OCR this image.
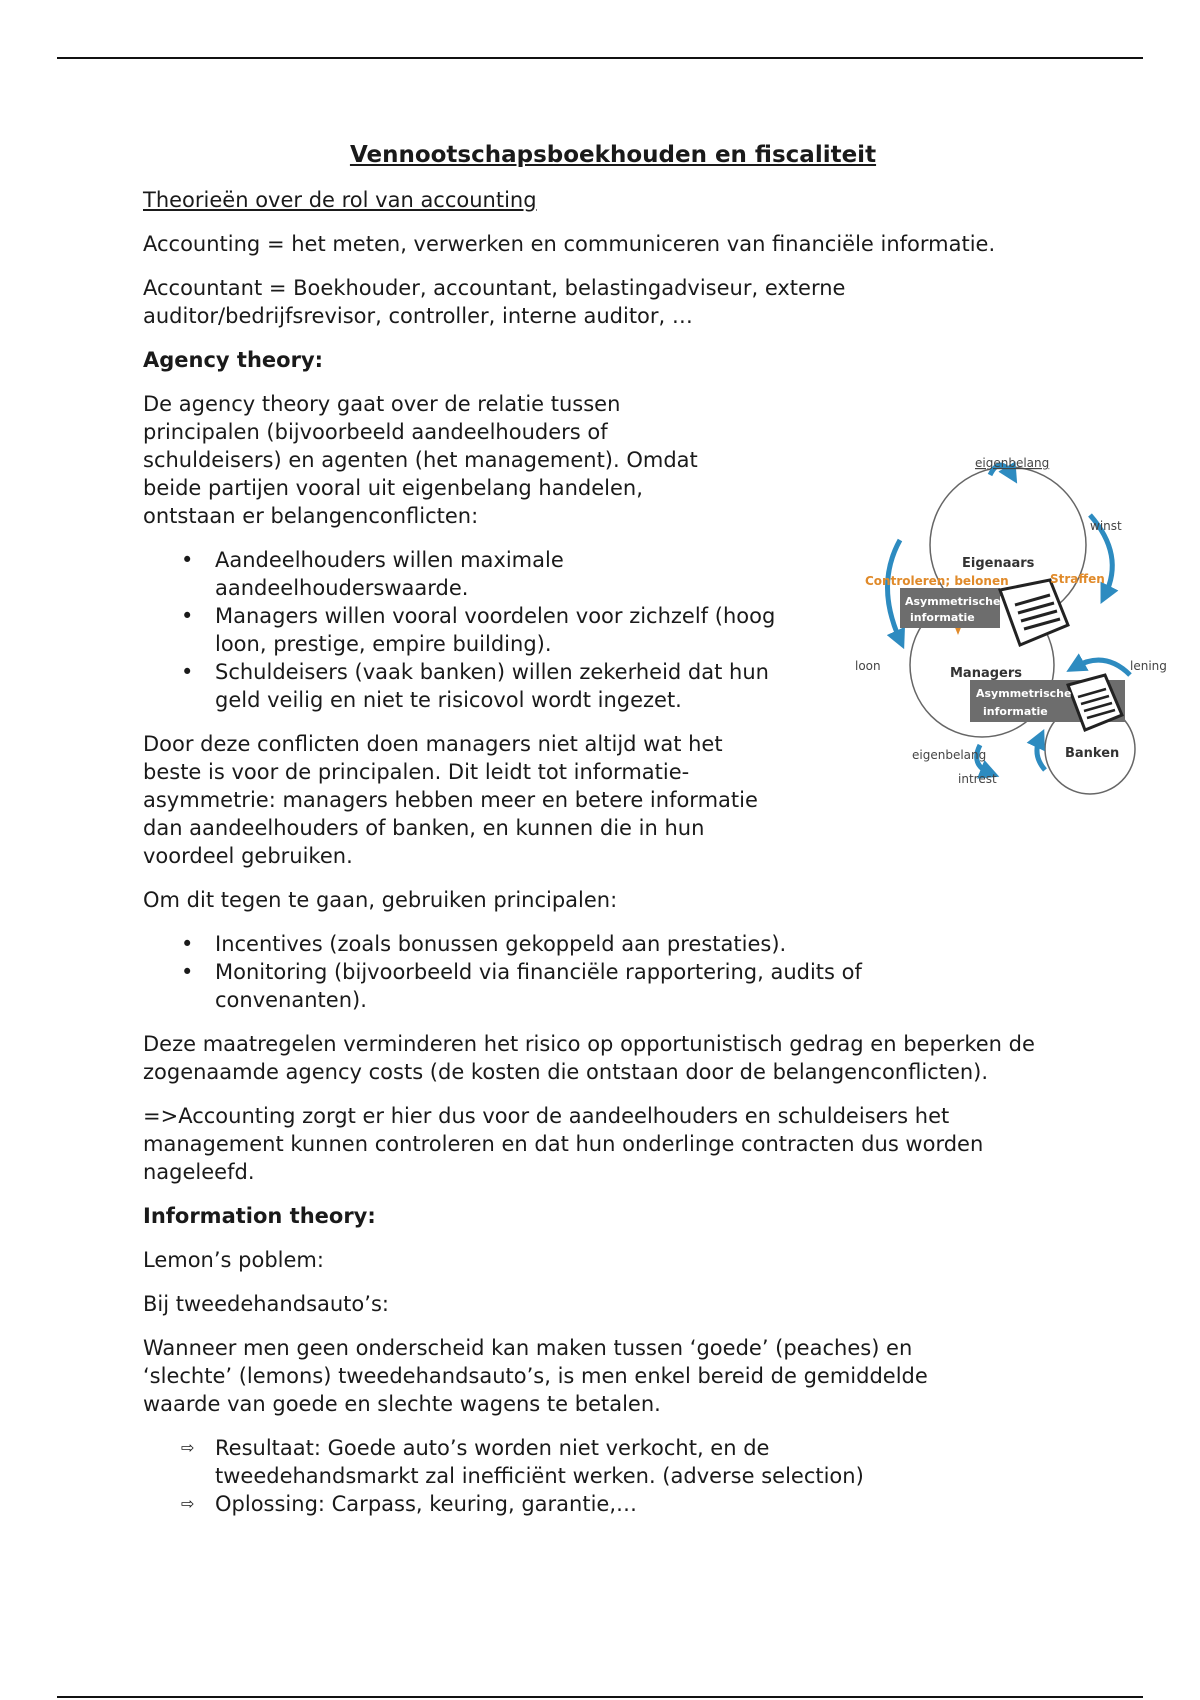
Vennootschapsboekhouden en fiscaliteit

Theorieën over de rol van accounting

Accounting = het meten, verwerken en communiceren van financiële informatie.

Accountant = Boekhouder, accountant, belastingadviseur, externe auditor/bedrijfsrevisor, controller, interne auditor, …

Agency theory:

De agency theory gaat over de relatie tussen principalen (bijvoorbeeld aandeelhouders of schuldeisers) en agenten (het management). Omdat beide partijen vooral uit eigenbelang handelen, ontstaan er belangenconflicten:

• Aandeelhouders willen maximale aandeelhouderswaarde.
• Managers willen vooral voordelen voor zichzelf (hoog loon, prestige, empire building).
• Schuldeisers (vaak banken) willen zekerheid dat hun geld veilig en niet te risicovol wordt ingezet.

Door deze conflicten doen managers niet altijd wat het beste is voor de principalen. Dit leidt tot informatie-asymmetrie: managers hebben meer en betere informatie dan aandeelhouders of banken, en kunnen die in hun voordeel gebruiken.

Om dit tegen te gaan, gebruiken principalen:

• Incentives (zoals bonussen gekoppeld aan prestaties).
• Monitoring (bijvoorbeeld via financiële rapportering, audits of convenanten).

Deze maatregelen verminderen het risico op opportunistisch gedrag en beperken de zogenaamde agency costs (de kosten die ontstaan door de belangenconflicten).

=>Accounting zorgt er hier dus voor de aandeelhouders en schuldeisers het management kunnen controleren en dat hun onderlinge contracten dus worden nageleefd.

Information theory:

Lemon’s poblem:

Bij tweedehandsauto’s:

Wanneer men geen onderscheid kan maken tussen ‘goede’ (peaches) en ‘slechte’ (lemons) tweedehandsauto’s, is men enkel bereid de gemiddelde waarde van goede en slechte wagens te betalen.

⇨ Resultaat: Goede auto’s worden niet verkocht, en de tweedehandsmarkt zal inefficiënt werken. (adverse selection)
⇨ Oplossing: Carpass, keuring, garantie,…
eigenbelang
winst
Eigenaars
Controleren; belonen	Straffen
Asymmetrische
informatie
loon	Managers	lening
Asymmetrische
informatie
eigenbelang	Banken
intrest
